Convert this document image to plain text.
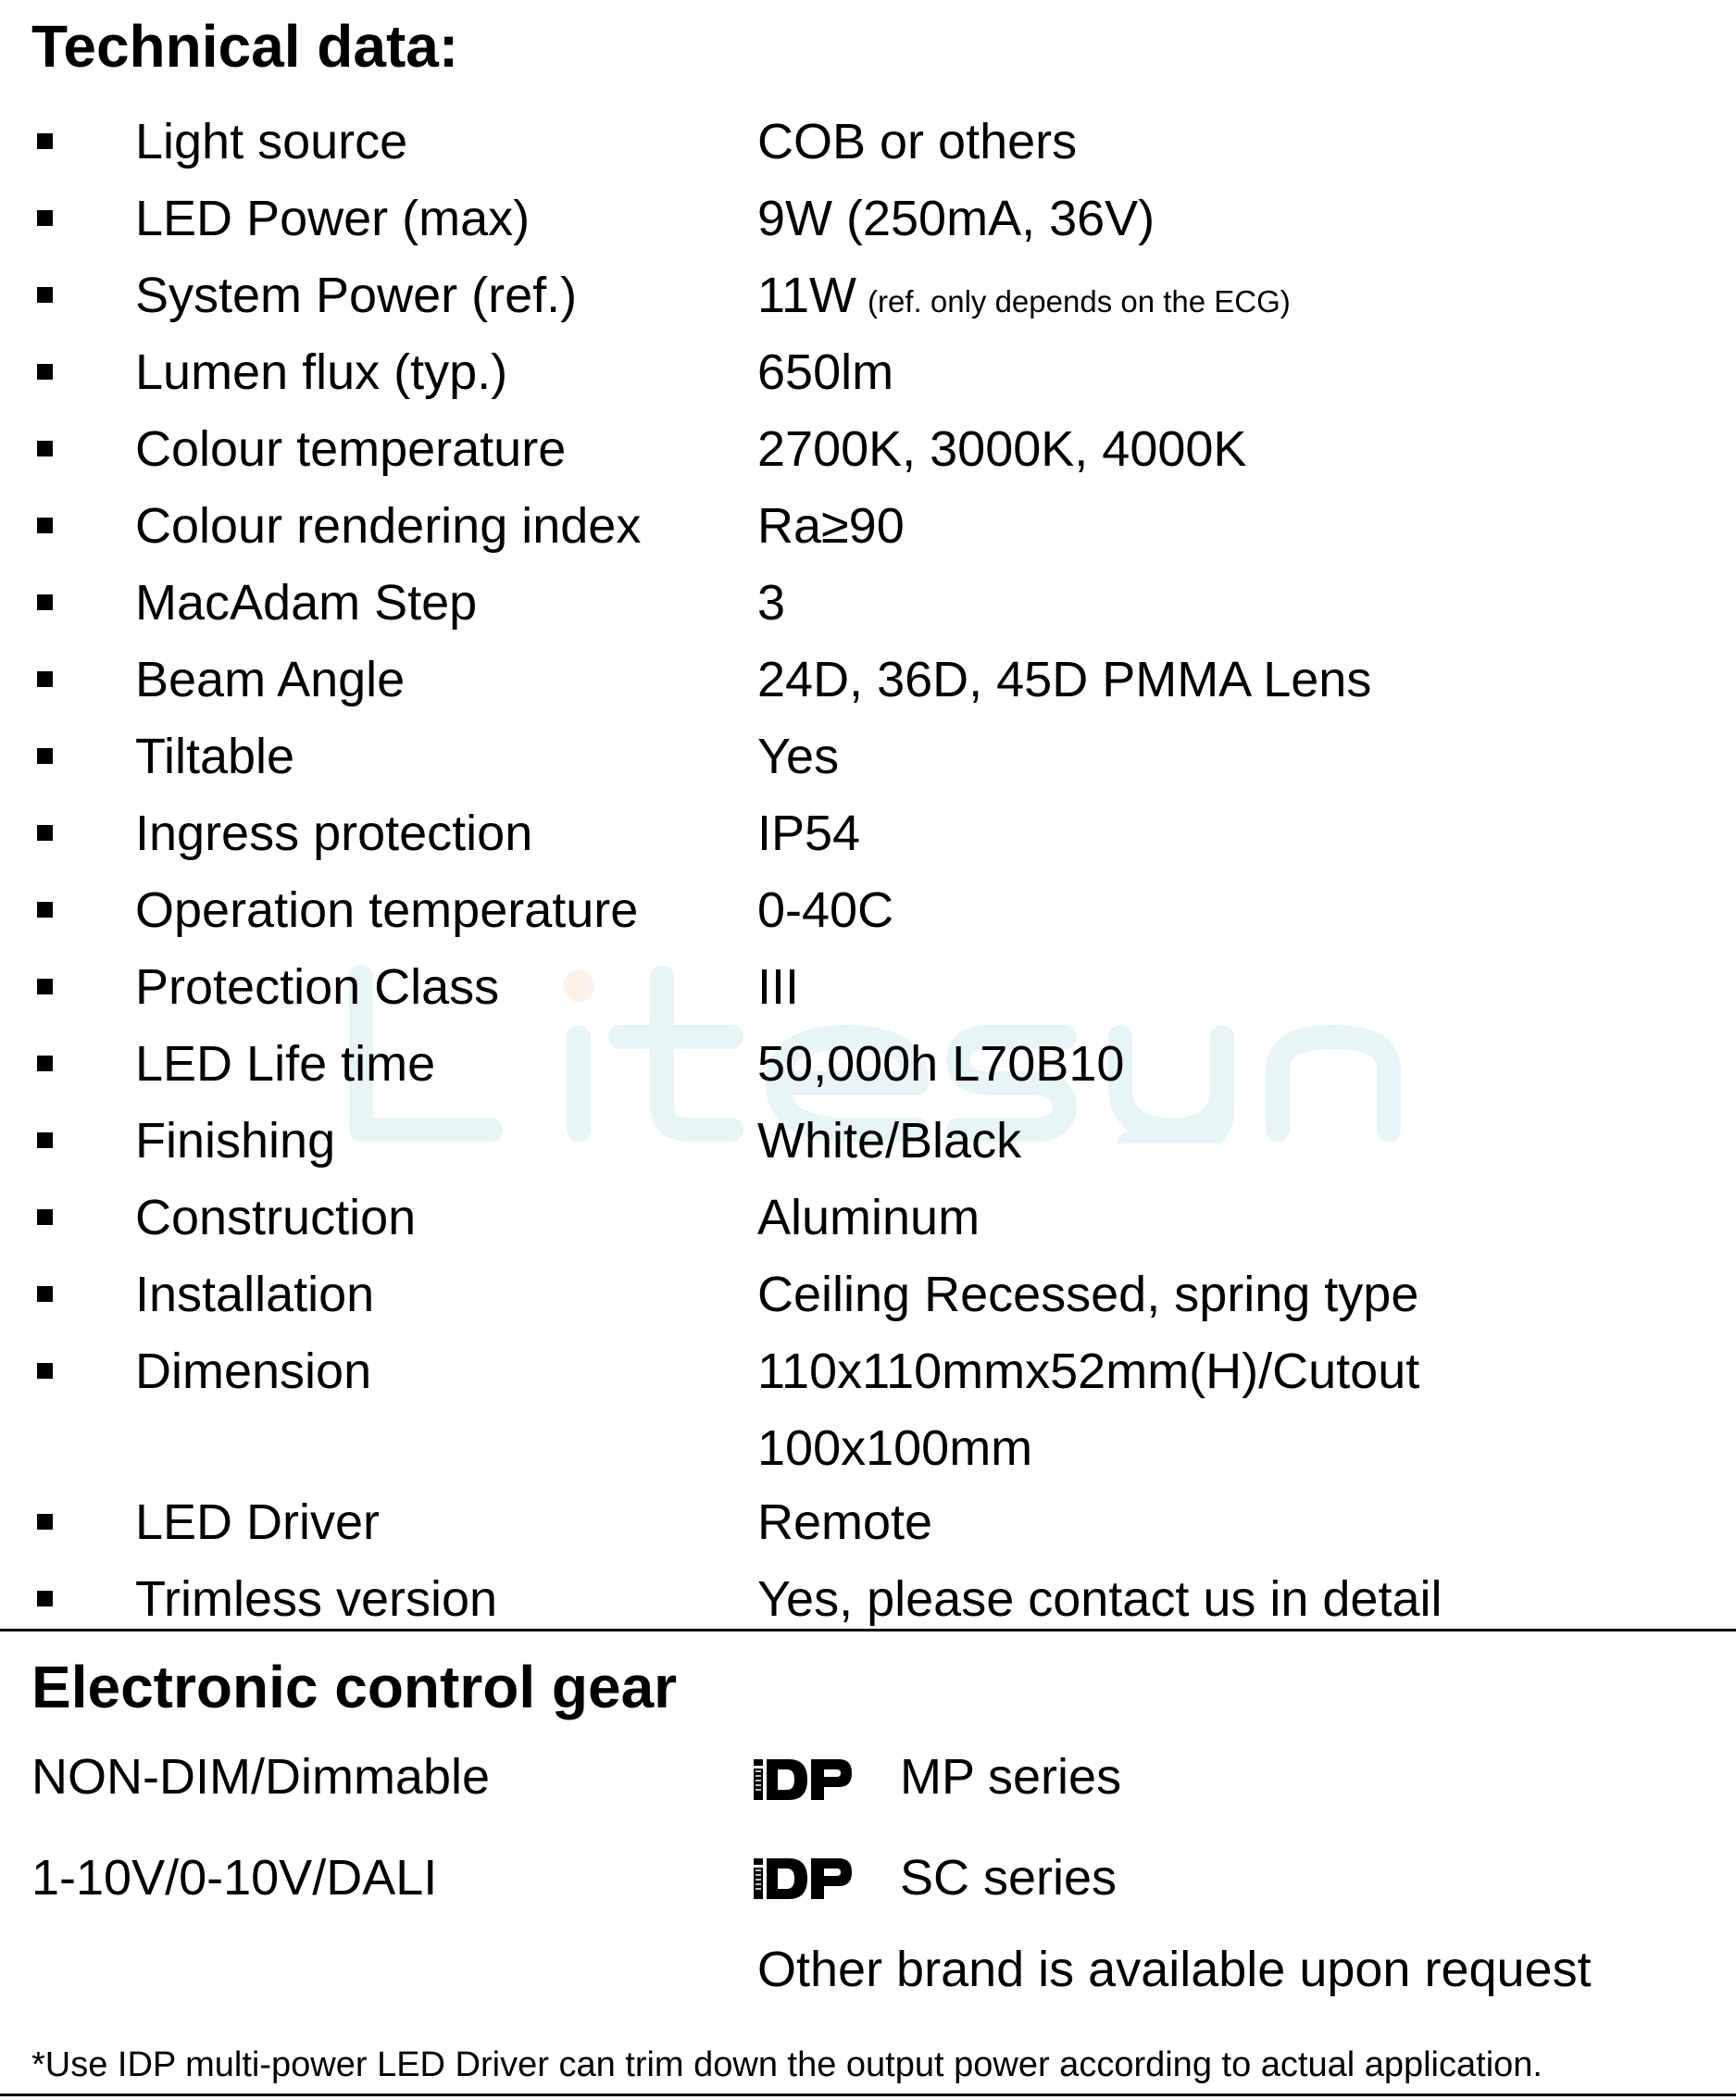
Technical data:
Light source	COB or others
LED Power (max)	9W (250mA, 36V)
System Power (ref.)	11W (ref. only depends on the ECG)
Lumen flux (typ.)	650lm
Colour temperature	2700K, 3000K, 4000K
Colour rendering index Ra≥90
MacAdam Step	3
Beam Angle	24D, 36D, 45D PMMA Lens
Tiltable	Yes
Ingress protection	IP54
Operation temperature 0-40C
Protection Class	III
LED Life time	50,000h L70B10
Finishing	White/Black
Construction	Aluminum
Installation	Ceiling Recessed, spring type
Dimension	110x110mmx52mm(H)/Cutout
100x100mm
LED Driver	Remote
Trimless version	Yes, please contact us in detail
Electronic control gear
NON-DIM/Dimmable	MP series
1-10V/0-10V/DALI	SC series
Other brand is available upon request
*Use IDP multi-power LED Driver can trim down the output power according to actual application.
